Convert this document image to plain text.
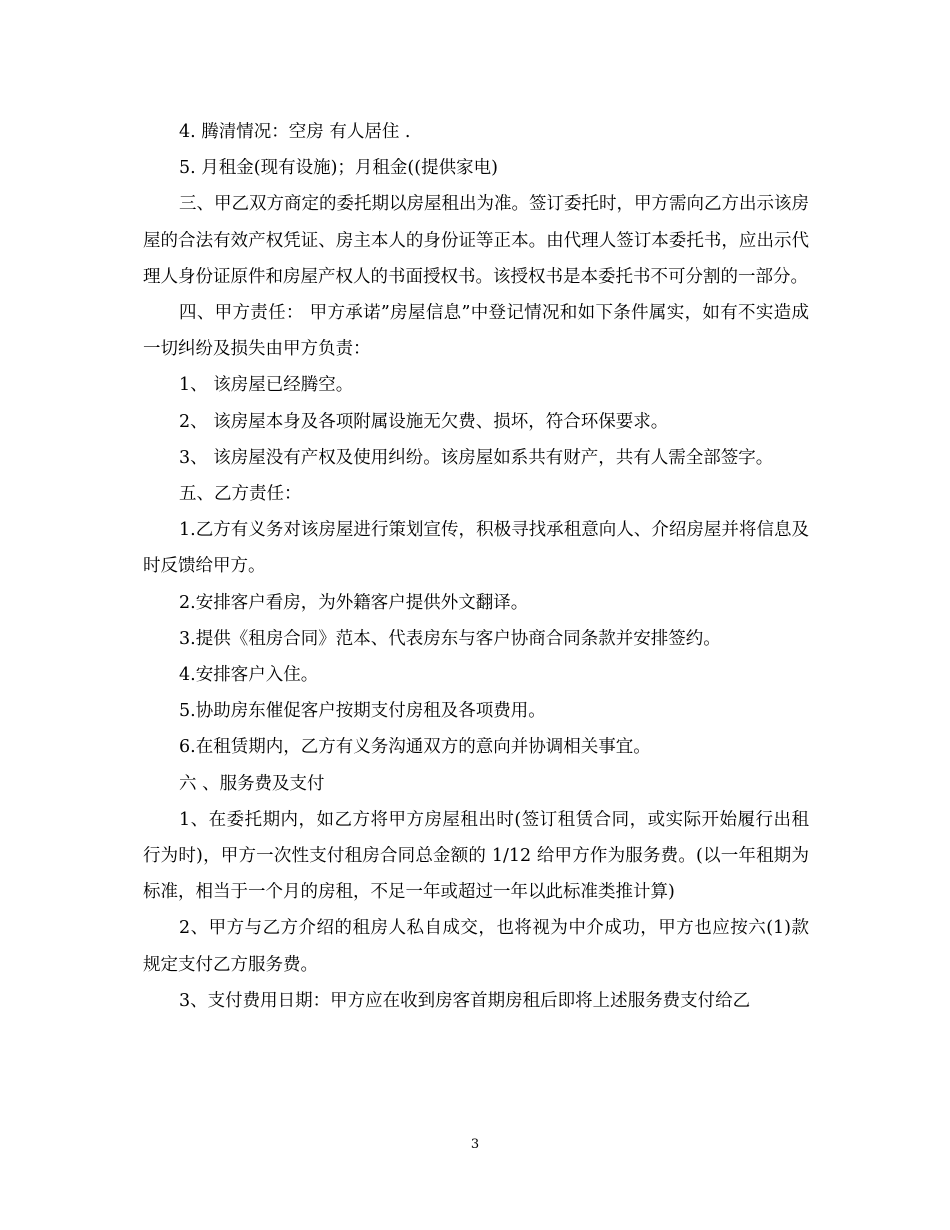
4. 腾清情况：空房 有人居住 .

5. 月租金(现有设施)；月租金((提供家电)

三、甲乙双方商定的委托期以房屋租出为准。签订委托时，甲方需向乙方出示该房屋的合法有效产权凭证、房主本人的身份证等正本。由代理人签订本委托书，应出示代理人身份证原件和房屋产权人的书面授权书。该授权书是本委托书不可分割的一部分。

四、甲方责任： 甲方承诺”房屋信息”中登记情况和如下条件属实，如有不实造成一切纠纷及损失由甲方负责：

1、 该房屋已经腾空。

2、 该房屋本身及各项附属设施无欠费、损坏，符合环保要求。

3、 该房屋没有产权及使用纠纷。该房屋如系共有财产，共有人需全部签字。

五、乙方责任：

1.乙方有义务对该房屋进行策划宣传，积极寻找承租意向人、介绍房屋并将信息及时反馈给甲方。

2.安排客户看房，为外籍客户提供外文翻译。

3.提供《租房合同》范本、代表房东与客户协商合同条款并安排签约。

4.安排客户入住。

5.协助房东催促客户按期支付房租及各项费用。

6.在租赁期内，乙方有义务沟通双方的意向并协调相关事宜。

六 、服务费及支付

1、在委托期内，如乙方将甲方房屋租出时(签订租赁合同，或实际开始履行出租行为时)，甲方一次性支付租房合同总金额的 1/12 给甲方作为服务费。(以一年租期为标准，相当于一个月的房租，不足一年或超过一年以此标准类推计算)

2、甲方与乙方介绍的租房人私自成交，也将视为中介成功，甲方也应按六(1)款规定支付乙方服务费。

3、支付费用日期：甲方应在收到房客首期房租后即将上述服务费支付给乙

3
